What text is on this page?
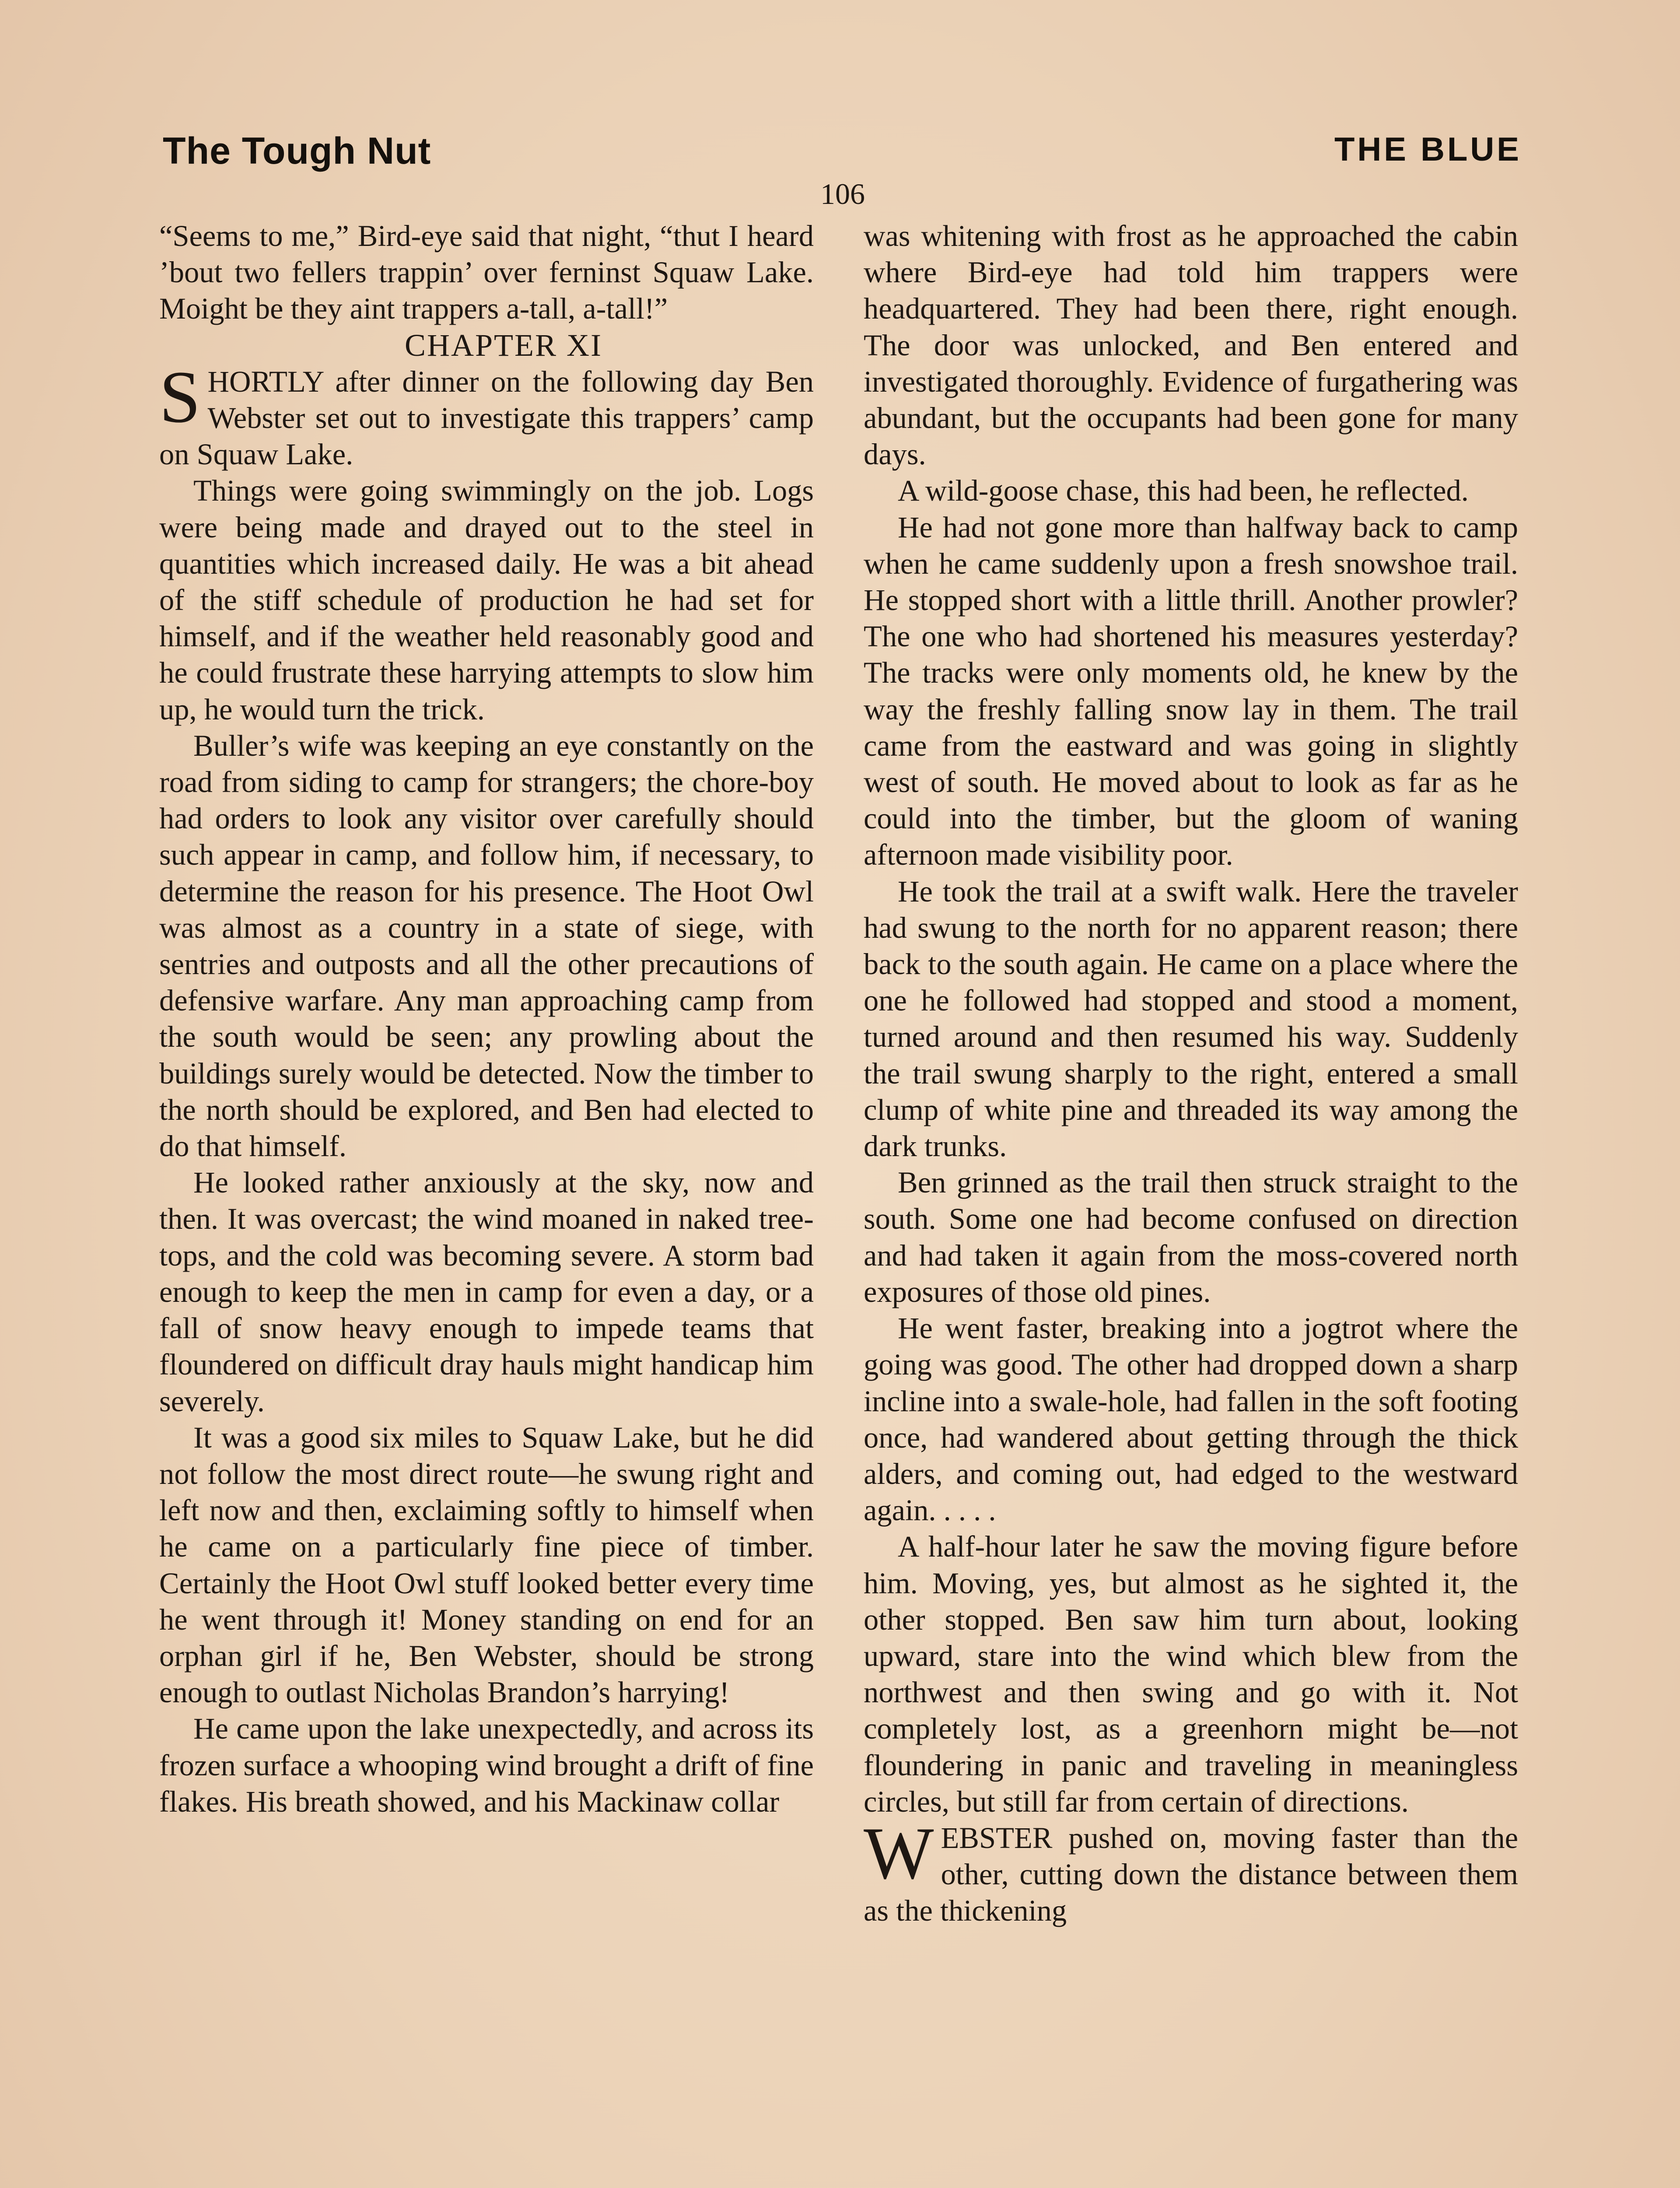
The Tough Nut	THE BLUE
106

“Seems to me,” Bird-eye said that night, “thut I heard ’bout two fellers trappin’ over ferninst Squaw Lake. Moight be they aint trappers a-tall, a-tall!”

CHAPTER XI

SHORTLY after dinner on the following day Ben Webster set out to investigate this trappers’ camp on Squaw Lake.

Things were going swimmingly on the job. Logs were being made and drayed out to the steel in quantities which increased daily. He was a bit ahead of the stiff schedule of production he had set for himself, and if the weather held reasonably good and he could frustrate these harrying attempts to slow him up, he would turn the trick.

Buller’s wife was keeping an eye constantly on the road from siding to camp for strangers; the chore-boy had orders to look any visitor over carefully should such appear in camp, and follow him, if necessary, to determine the reason for his presence. The Hoot Owl was almost as a country in a state of siege, with sentries and outposts and all the other precautions of defensive warfare. Any man approaching camp from the south would be seen; any prowling about the buildings surely would be detected. Now the timber to the north should be explored, and Ben had elected to do that himself.

He looked rather anxiously at the sky, now and then. It was overcast; the wind moaned in naked tree-tops, and the cold was becoming severe. A storm bad enough to keep the men in camp for even a day, or a fall of snow heavy enough to impede teams that floundered on difficult dray hauls might handicap him severely.

It was a good six miles to Squaw Lake, but he did not follow the most direct route—he swung right and left now and then, exclaiming softly to himself when he came on a particularly fine piece of timber. Certainly the Hoot Owl stuff looked better every time he went through it! Money standing on end for an orphan girl if he, Ben Webster, should be strong enough to outlast Nicholas Brandon’s harrying!

He came upon the lake unexpectedly, and across its frozen surface a whooping wind brought a drift of fine flakes. His breath showed, and his Mackinaw collar

was whitening with frost as he approached the cabin where Bird-eye had told him trappers were headquartered. They had been there, right enough. The door was unlocked, and Ben entered and investigated thoroughly. Evidence of furgathering was abundant, but the occupants had been gone for many days.

A wild-goose chase, this had been, he reflected.

He had not gone more than halfway back to camp when he came suddenly upon a fresh snowshoe trail. He stopped short with a little thrill. Another prowler? The one who had shortened his measures yesterday? The tracks were only moments old, he knew by the way the freshly falling snow lay in them. The trail came from the eastward and was going in slightly west of south. He moved about to look as far as he could into the timber, but the gloom of waning afternoon made visibility poor.

He took the trail at a swift walk. Here the traveler had swung to the north for no apparent reason; there back to the south again. He came on a place where the one he followed had stopped and stood a moment, turned around and then resumed his way. Suddenly the trail swung sharply to the right, entered a small clump of white pine and threaded its way among the dark trunks.

Ben grinned as the trail then struck straight to the south. Some one had become confused on direction and had taken it again from the moss-covered north exposures of those old pines.

He went faster, breaking into a jogtrot where the going was good. The other had dropped down a sharp incline into a swale-hole, had fallen in the soft footing once, had wandered about getting through the thick alders, and coming out, had edged to the westward again. . . . .

A half-hour later he saw the moving figure before him. Moving, yes, but almost as he sighted it, the other stopped. Ben saw him turn about, looking upward, stare into the wind which blew from the northwest and then swing and go with it. Not completely lost, as a greenhorn might be—not floundering in panic and traveling in meaningless circles, but still far from certain of directions.

WEBSTER pushed on, moving faster than the other, cutting down the distance between them as the thickening
